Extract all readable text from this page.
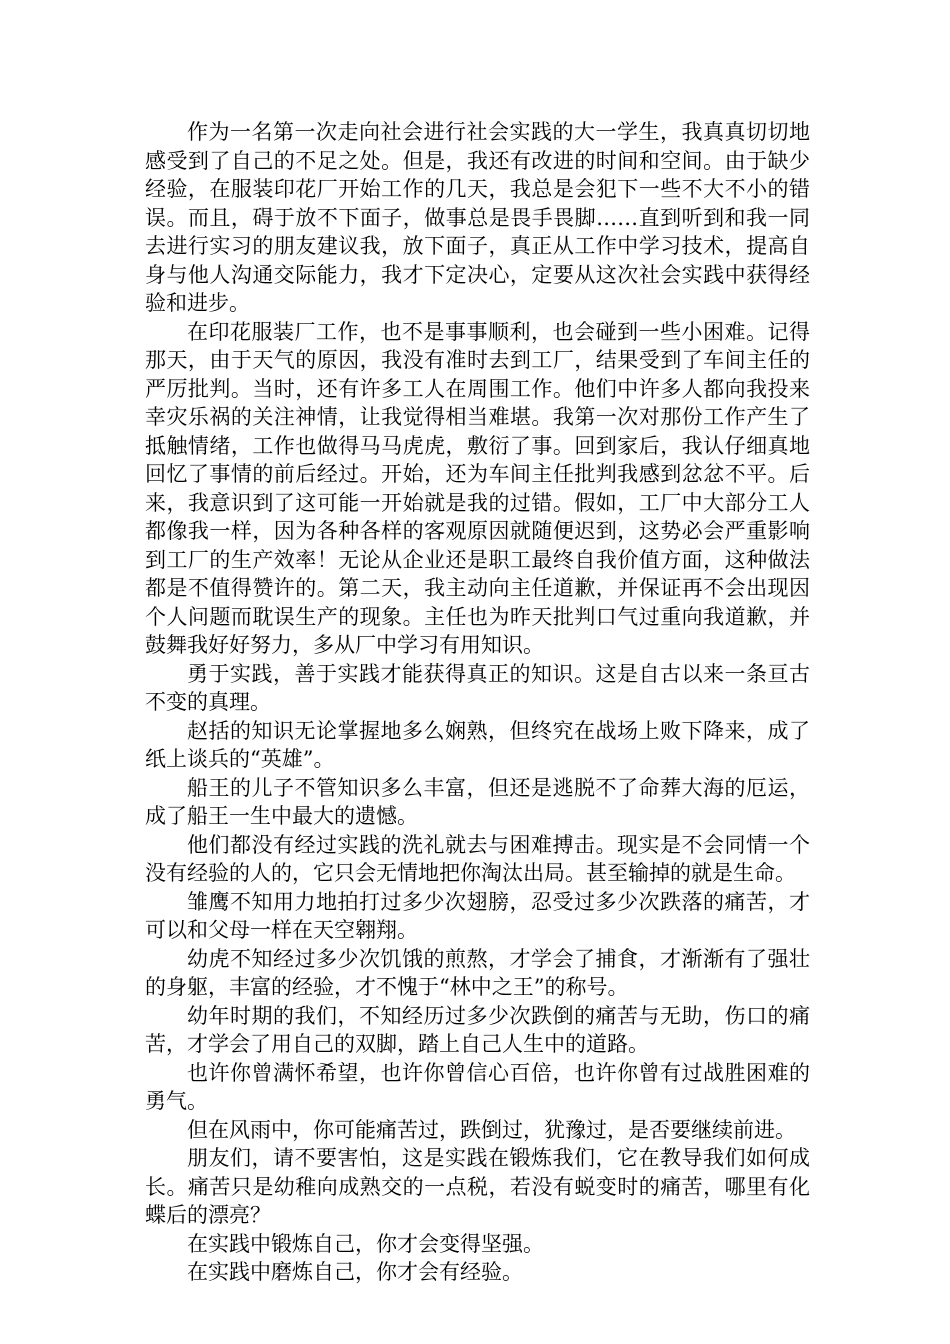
作为一名第一次走向社会进行社会实践的大一学生，我真真切切地感受到了自己的不足之处。但是，我还有改进的时间和空间。由于缺少经验，在服装印花厂开始工作的几天，我总是会犯下一些不大不小的错误。而且，碍于放不下面子，做事总是畏手畏脚……直到听到和我一同去进行实习的朋友建议我，放下面子，真正从工作中学习技术，提高自身与他人沟通交际能力，我才下定决心，定要从这次社会实践中获得经验和进步。

在印花服装厂工作，也不是事事顺利，也会碰到一些小困难。记得那天，由于天气的原因，我没有准时去到工厂，结果受到了车间主任的严厉批判。当时，还有许多工人在周围工作。他们中许多人都向我投来幸灾乐祸的关注神情，让我觉得相当难堪。我第一次对那份工作产生了抵触情绪，工作也做得马马虎虎，敷衍了事。回到家后，我认仔细真地回忆了事情的前后经过。开始，还为车间主任批判我感到忿忿不平。后来，我意识到了这可能一开始就是我的过错。假如，工厂中大部分工人都像我一样，因为各种各样的客观原因就随便迟到，这势必会严重影响到工厂的生产效率！无论从企业还是职工最终自我价值方面，这种做法都是不值得赞许的。第二天，我主动向主任道歉，并保证再不会出现因个人问题而耽误生产的现象。主任也为昨天批判口气过重向我道歉，并鼓舞我好好努力，多从厂中学习有用知识。

勇于实践，善于实践才能获得真正的知识。这是自古以来一条亘古不变的真理。

赵括的知识无论掌握地多么娴熟，但终究在战场上败下降来，成了纸上谈兵的“英雄”。

船王的儿子不管知识多么丰富，但还是逃脱不了命葬大海的厄运，成了船王一生中最大的遗憾。

他们都没有经过实践的洗礼就去与困难搏击。现实是不会同情一个没有经验的人的，它只会无情地把你淘汰出局。甚至输掉的就是生命。

雏鹰不知用力地拍打过多少次翅膀，忍受过多少次跌落的痛苦，才可以和父母一样在天空翱翔。

幼虎不知经过多少次饥饿的煎熬，才学会了捕食，才渐渐有了强壮的身躯，丰富的经验，才不愧于“林中之王”的称号。

幼年时期的我们，不知经历过多少次跌倒的痛苦与无助，伤口的痛苦，才学会了用自己的双脚，踏上自己人生中的道路。

也许你曾满怀希望，也许你曾信心百倍，也许你曾有过战胜困难的勇气。

但在风雨中，你可能痛苦过，跌倒过，犹豫过，是否要继续前进。

朋友们，请不要害怕，这是实践在锻炼我们，它在教导我们如何成长。痛苦只是幼稚向成熟交的一点税，若没有蜕变时的痛苦，哪里有化蝶后的漂亮？

在实践中锻炼自己，你才会变得坚强。

在实践中磨炼自己，你才会有经验。
